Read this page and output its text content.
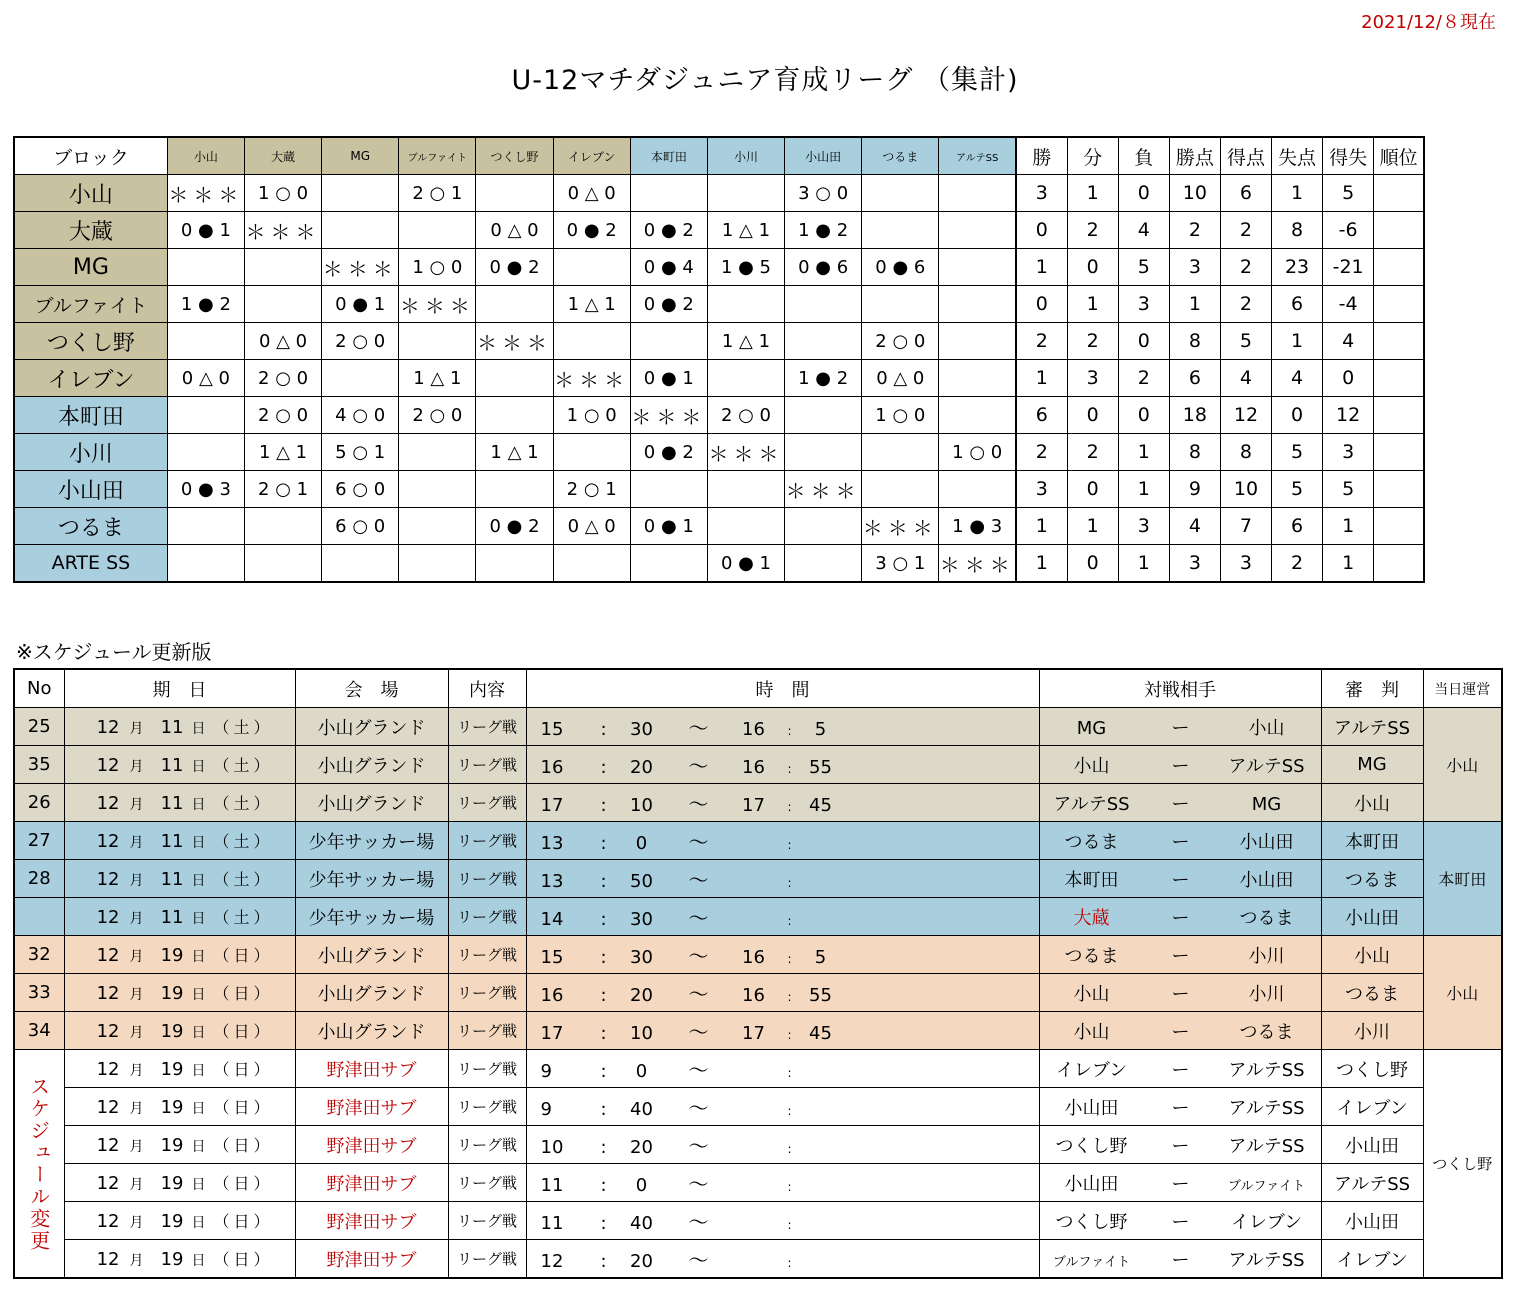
2021/12/８現在
U-12マチダジュニア育成リーグ （集計)
ブロック	小山	大蔵	MG	ブルファイト	つくし野	イレブン	本町田	小川	小山田	つるま	アルテSS	勝	分	負	勝点	得点	失点	得失	順位
小山	＊＊＊	1 ○ 0		2 ○ 1		0 △ 0			3 ○ 0			3	1	0	10	6	1	5	
大蔵	0 ● 1	＊＊＊			0 △ 0	0 ● 2	0 ● 2	1 △ 1	1 ● 2			0	2	4	2	2	8	-6	
MG			＊＊＊	1 ○ 0	0 ● 2		0 ● 4	1 ● 5	0 ● 6	0 ● 6		1	0	5	3	2	23	-21	
ブルファイト	1 ● 2		0 ● 1	＊＊＊		1 △ 1	0 ● 2					0	1	3	1	2	6	-4	
つくし野		0 △ 0	2 ○ 0		＊＊＊			1 △ 1		2 ○ 0		2	2	0	8	5	1	4	
イレブン	0 △ 0	2 ○ 0		1 △ 1		＊＊＊	0 ● 1		1 ● 2	0 △ 0		1	3	2	6	4	4	0	
本町田		2 ○ 0	4 ○ 0	2 ○ 0		1 ○ 0	＊＊＊	2 ○ 0		1 ○ 0		6	0	0	18	12	0	12	
小川		1 △ 1	5 ○ 1		1 △ 1		0 ● 2	＊＊＊			1 ○ 0	2	2	1	8	8	5	3	
小山田	0 ● 3	2 ○ 1	6 ○ 0			2 ○ 1			＊＊＊			3	0	1	9	10	5	5	
つるま			6 ○ 0		0 ● 2	0 △ 0	0 ● 1			＊＊＊	1 ● 3	1	1	3	4	7	6	1	
ARTE SS								0 ● 1		3 ○ 1	＊＊＊	1	0	1	3	3	2	1	
※スケジュール更新版
No	期　日	会　場	内容	時　間	対戦相手	審　判	当日運営
25	12 月 11 日 （土）	小山グランド	リーグ戦	15 : 30 〜 16 : 5	MG ー 小山	アルテSS	小山
35	12 月 11 日 （土）	小山グランド	リーグ戦	16 : 20 〜 16 : 55	小山 ー アルテSS	MG	
26	12 月 11 日 （土）	小山グランド	リーグ戦	17 : 10 〜 17 : 45	アルテSS ー MG	小山	
27	12 月 11 日 （土）	少年サッカー場	リーグ戦	13 : 0 〜 :	つるま ー 小山田	本町田	本町田
28	12 月 11 日 （土）	少年サッカー場	リーグ戦	13 : 50 〜 :	本町田 ー 小山田	つるま	
	12 月 11 日 （土）	少年サッカー場	リーグ戦	14 : 30 〜 :	大蔵 ー つるま	小山田	
32	12 月 19 日 （日）	小山グランド	リーグ戦	15 : 30 〜 16 : 5	つるま ー 小川	小山	小山
33	12 月 19 日 （日）	小山グランド	リーグ戦	16 : 20 〜 16 : 55	小山 ー 小川	つるま	
34	12 月 19 日 （日）	小山グランド	リーグ戦	17 : 10 〜 17 : 45	小山 ー つるま	小川	

スケジュール変更	12 月 19 日 （日）	野津田サブ	リーグ戦	9 : 0 〜 :	イレブン ー アルテSS	つくし野	つくし野
	12 月 19 日 （日）	野津田サブ	リーグ戦	9 : 40 〜 :	小山田 ー アルテSS	イレブン	
	12 月 19 日 （日）	野津田サブ	リーグ戦	10 : 20 〜 :	つくし野 ー アルテSS	小山田	
	12 月 19 日 （日）	野津田サブ	リーグ戦	11 : 0 〜 :	小山田 ー ブルファイト	アルテSS	
	12 月 19 日 （日）	野津田サブ	リーグ戦	11 : 40 〜 :	つくし野 ー イレブン	小山田	
	12 月 19 日 （日）	野津田サブ	リーグ戦	12 : 20 〜 :	ブルファイト ー アルテSS	イレブン	
